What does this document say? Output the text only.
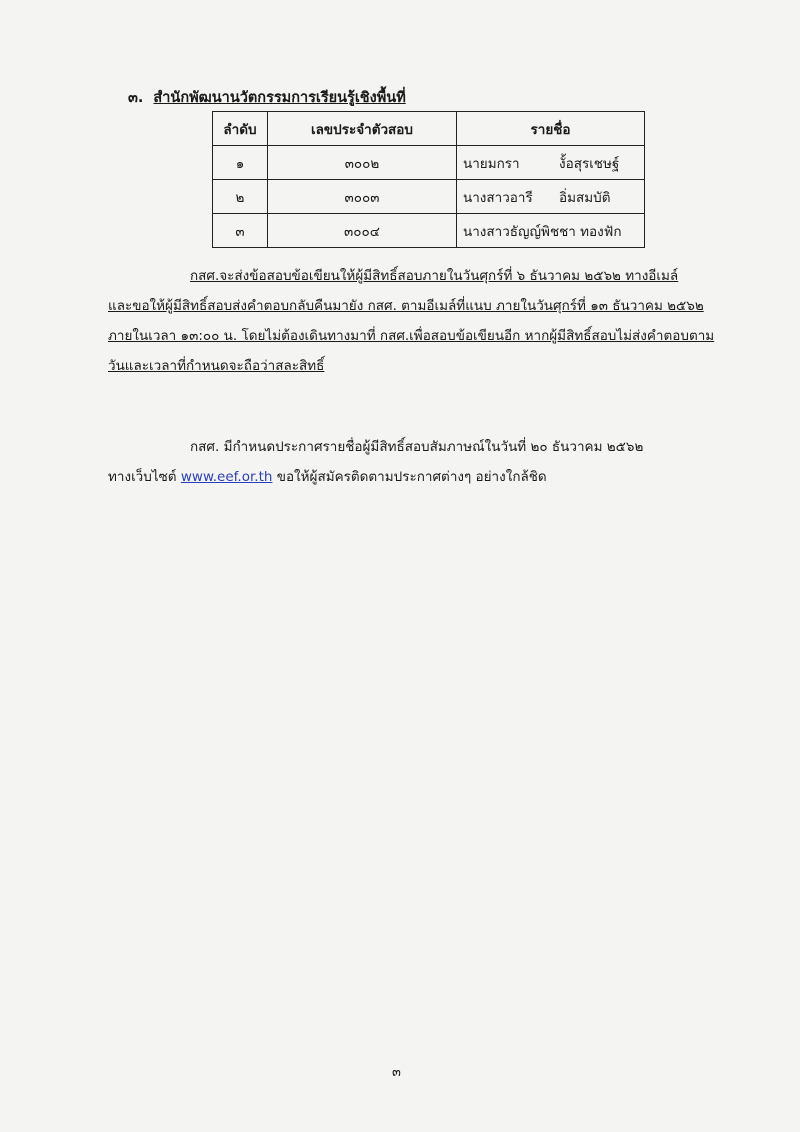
๓. สำนักพัฒนานวัตกรรมการเรียนรู้เชิงพื้นที่
ลำดับ	เลขประจำตัวสอบ	รายชื่อ
๑	๓๐๐๒	นายมกรา งั้อสุรเชษฐ์

๒	๓๐๐๓	นางสาวอารี อิ่มสมบัติ

๓	๓๐๐๔	นางสาวธัญญ์พิชชา ทองฟัก
กสศ.จะส่งข้อสอบข้อเขียนให้ผู้มีสิทธิ์สอบภายในวันศุกร์ที่ ๖ ธันวาคม ๒๕๖๒ ทางอีเมล์
และขอให้ผู้มีสิทธิ์สอบส่งคำตอบกลับคืนมายัง กสศ. ตามอีเมล์ที่แนบ ภายในวันศุกร์ที่ ๑๓ ธันวาคม ๒๕๖๒
ภายในเวลา ๑๓:๐๐ น. โดยไม่ต้องเดินทางมาที่ กสศ.เพื่อสอบข้อเขียนอีก หากผู้มีสิทธิ์สอบไม่ส่งคำตอบตาม
วันและเวลาที่กำหนดจะถือว่าสละสิทธิ์
กสศ. มีกำหนดประกาศรายชื่อผู้มีสิทธิ์สอบสัมภาษณ์ในวันที่ ๒๐ ธันวาคม ๒๕๖๒
ทางเว็บไซต์ www.eef.or.th ขอให้ผู้สมัครติดตามประกาศต่างๆ อย่างใกล้ชิด
๓
